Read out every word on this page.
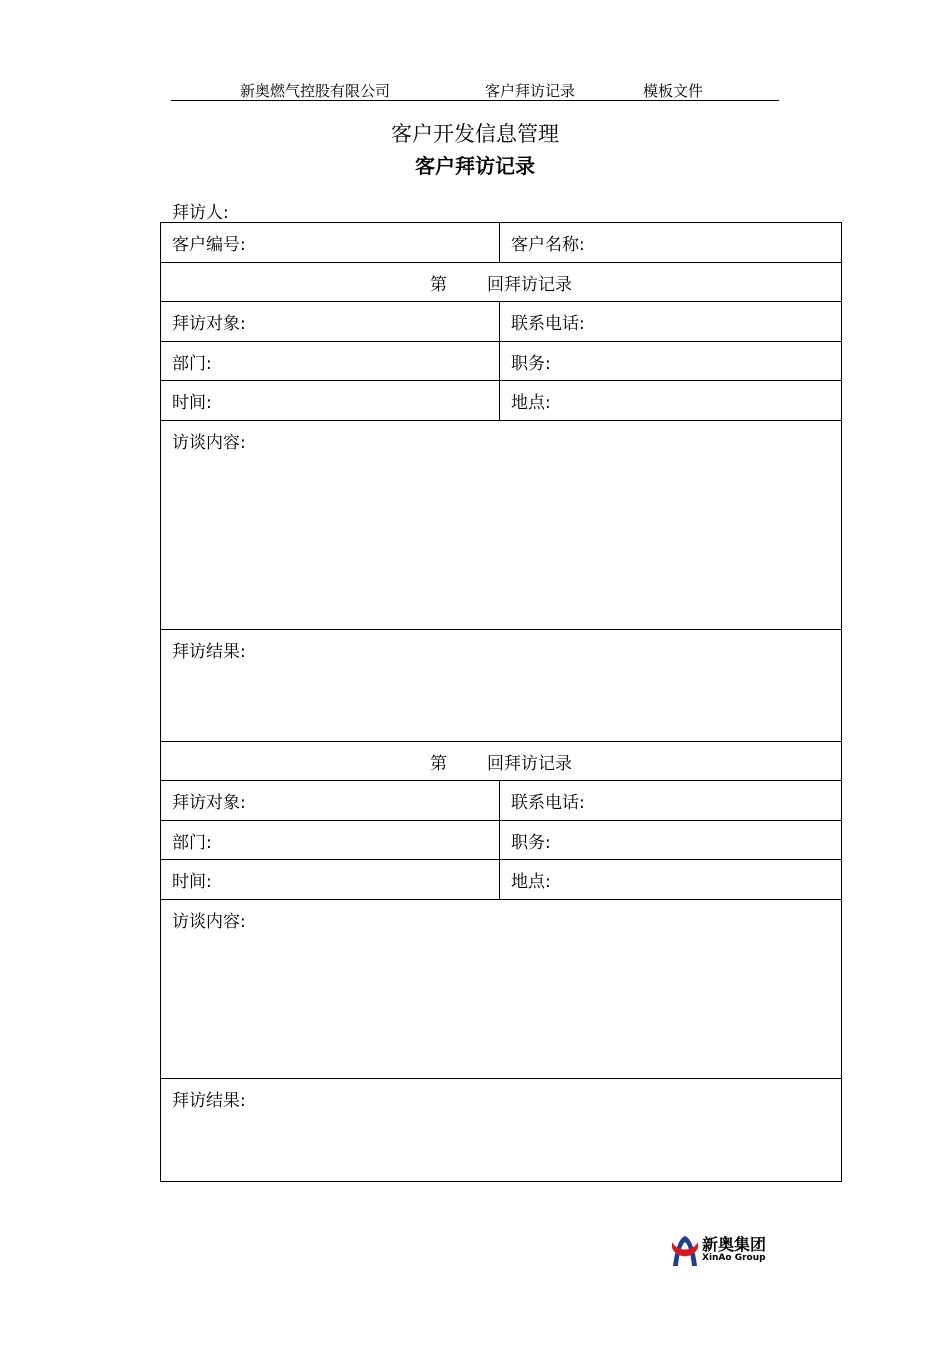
新奥燃气控股有限公司	客户拜访记录	模板文件
客户开发信息管理
客户拜访记录
拜访人:
客户编号:	客户名称:
第 回拜访记录	
拜访对象:	联系电话:
部门:	职务:
时间:	地点:
访谈内容:	
拜访结果:	
第 回拜访记录	
拜访对象:	联系电话:
部门:	职务:
时间:	地点:
访谈内容:	
拜访结果:	
新奥集团
XinAo Group
